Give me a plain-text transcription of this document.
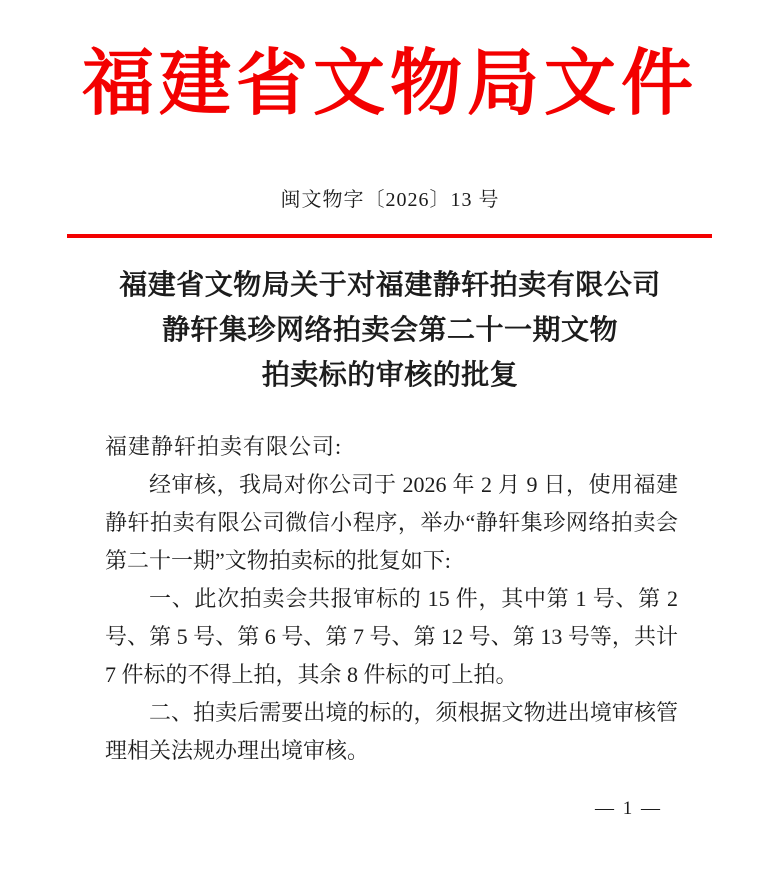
福建省文物局文件
闽文物字〔2026〕13 号
福建省文物局关于对福建静轩拍卖有限公司
静轩集珍网络拍卖会第二十一期文物
拍卖标的审核的批复
福建静轩拍卖有限公司:

经审核，我局对你公司于 2026 年 2 月 9 日，使用福建静轩拍卖有限公司微信小程序，举办“静轩集珍网络拍卖会第二十一期”文物拍卖标的批复如下:

一、此次拍卖会共报审标的 15 件，其中第 1 号、第 2 号、第 5 号、第 6 号、第 7 号、第 12 号、第 13 号等，共计 7 件标的不得上拍，其余 8 件标的可上拍。

二、拍卖后需要出境的标的，须根据文物进出境审核管理相关法规办理出境审核。

— 1 —
